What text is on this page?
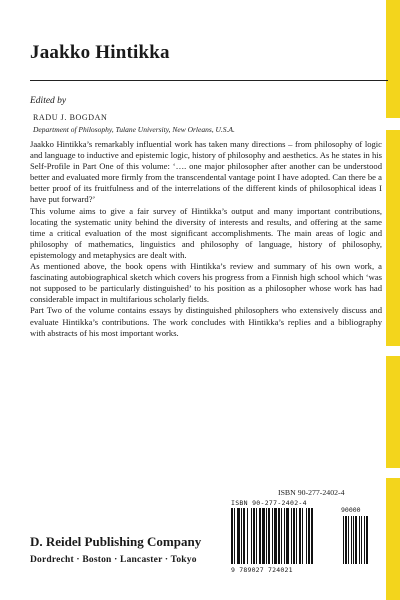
Jaakko Hintikka
Edited by
RADU J. BOGDAN
Department of Philosophy, Tulane University, New Orleans, U.S.A.

Jaakko Hintikka’s remarkably influential work has taken many directions – from philosophy of logic and language to inductive and epistemic logic, history of philosophy and aesthetics. As he states in his Self-Profile in Part One of this volume: ‘…. one major philosopher after another can be understood better and evaluated more firmly from the transcendental vantage point I have adopted. Can there be a better proof of its fruitfulness and of the interrelations of the different kinds of philosophical ideas I have put forward?’

This volume aims to give a fair survey of Hintikka’s output and many important contributions, locating the systematic unity behind the diversity of interests and results, and offering at the same time a critical evaluation of the most significant accomplishments. The main areas of logic and philosophy of mathematics, linguistics and philosophy of language, history of philosophy, epistemology and metaphysics are dealt with.

As mentioned above, the book opens with Hintikka’s review and summary of his own work, a fascinating autobiographical sketch which covers his progress from a Finnish high school which ‘was not supposed to be particularly distinguished’ to his position as a philosopher whose work has had considerable impact in multifarious scholarly fields.

Part Two of the volume contains essays by distinguished philosophers who extensively discuss and evaluate Hintikka’s contributions. The work concludes with Hintikka’s replies and a bibliography with abstracts of his most important works.

ISBN 90-277-2402-4
ISBN 90-277-2402-4
90000
9 789027 724021
D. Reidel Publishing Company
Dordrecht · Boston · Lancaster · Tokyo
